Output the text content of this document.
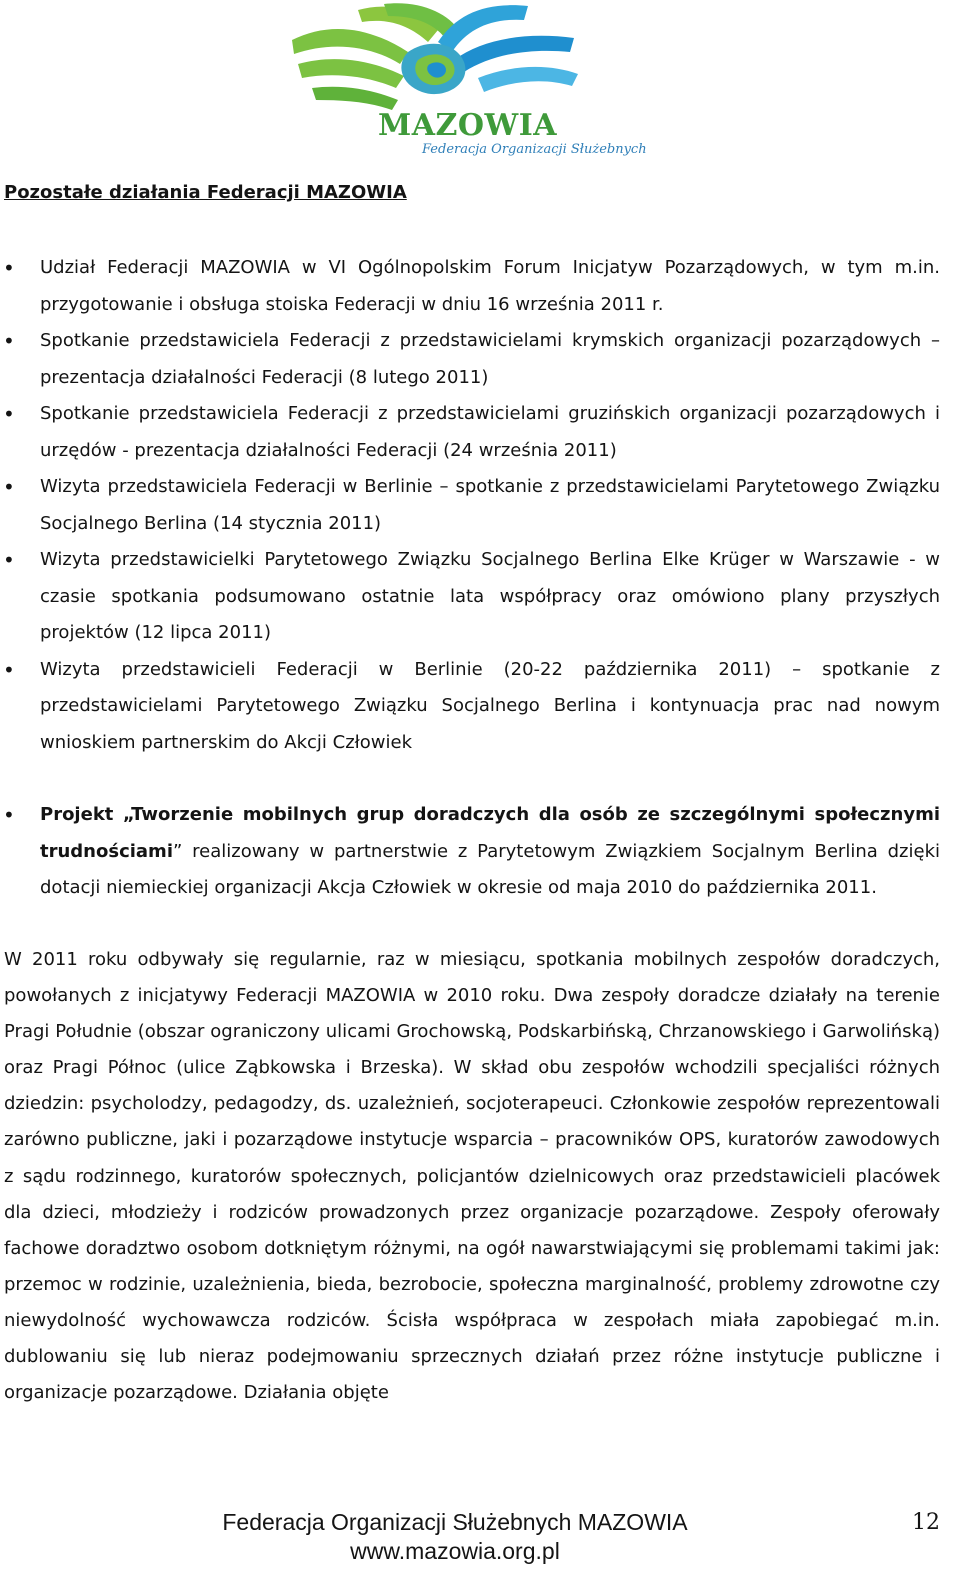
MAZOWIA
Federacja Organizacji Służebnych
Pozostałe działania Federacji MAZOWIA
• Udział Federacji MAZOWIA w VI Ogólnopolskim Forum Inicjatyw Pozarządowych, w tym m.in. przygotowanie i obsługa stoiska Federacji w dniu 16 września 2011 r.
• Spotkanie przedstawiciela Federacji z przedstawicielami krymskich organizacji pozarządowych – prezentacja działalności Federacji (8 lutego 2011)
• Spotkanie przedstawiciela Federacji z przedstawicielami gruzińskich organizacji pozarządowych i urzędów - prezentacja działalności Federacji (24 września 2011)
• Wizyta przedstawiciela Federacji w Berlinie – spotkanie z przedstawicielami Parytetowego Związku Socjalnego Berlina (14 stycznia 2011)
• Wizyta przedstawicielki Parytetowego Związku Socjalnego Berlina Elke Krüger w Warszawie - w czasie spotkania podsumowano ostatnie lata współpracy oraz omówiono plany przyszłych projektów (12 lipca 2011)
• Wizyta przedstawicieli Federacji w Berlinie (20-22 października 2011) – spotkanie z przedstawicielami Parytetowego Związku Socjalnego Berlina i kontynuacja prac nad nowym wnioskiem partnerskim do Akcji Człowiek
• Projekt „Tworzenie mobilnych grup doradczych dla osób ze szczególnymi społecznymi trudnościami” realizowany w partnerstwie z Parytetowym Związkiem Socjalnym Berlina dzięki dotacji niemieckiej organizacji Akcja Człowiek w okresie od maja 2010 do października 2011.

W 2011 roku odbywały się regularnie, raz w miesiącu, spotkania mobilnych zespołów doradczych, powołanych z inicjatywy Federacji MAZOWIA w 2010 roku. Dwa zespoły doradcze działały na terenie Pragi Południe (obszar ograniczony ulicami Grochowską, Podskarbińską, Chrzanowskiego i Garwolińską) oraz Pragi Północ (ulice Ząbkowska i Brzeska). W skład obu zespołów wchodzili specjaliści różnych dziedzin: psycholodzy, pedagodzy, ds. uzależnień, socjoterapeuci. Członkowie zespołów reprezentowali zarówno publiczne, jaki i pozarządowe instytucje wsparcia – pracowników OPS, kuratorów zawodowych z sądu rodzinnego, kuratorów społecznych, policjantów dzielnicowych oraz przedstawicieli placówek dla dzieci, młodzieży i rodziców prowadzonych przez organizacje pozarządowe. Zespoły oferowały fachowe doradztwo osobom dotkniętym różnymi, na ogół nawarstwiającymi się problemami takimi jak: przemoc w rodzinie, uzależnienia, bieda, bezrobocie, społeczna marginalność, problemy zdrowotne czy niewydolność wychowawcza rodziców. Ścisła współpraca w zespołach miała zapobiegać m.in. dublowaniu się lub nieraz podejmowaniu sprzecznych działań przez różne instytucje publiczne i organizacje pozarządowe. Działania objęte

Federacja Organizacji Służebnych MAZOWIA
www.mazowia.org.pl
12
